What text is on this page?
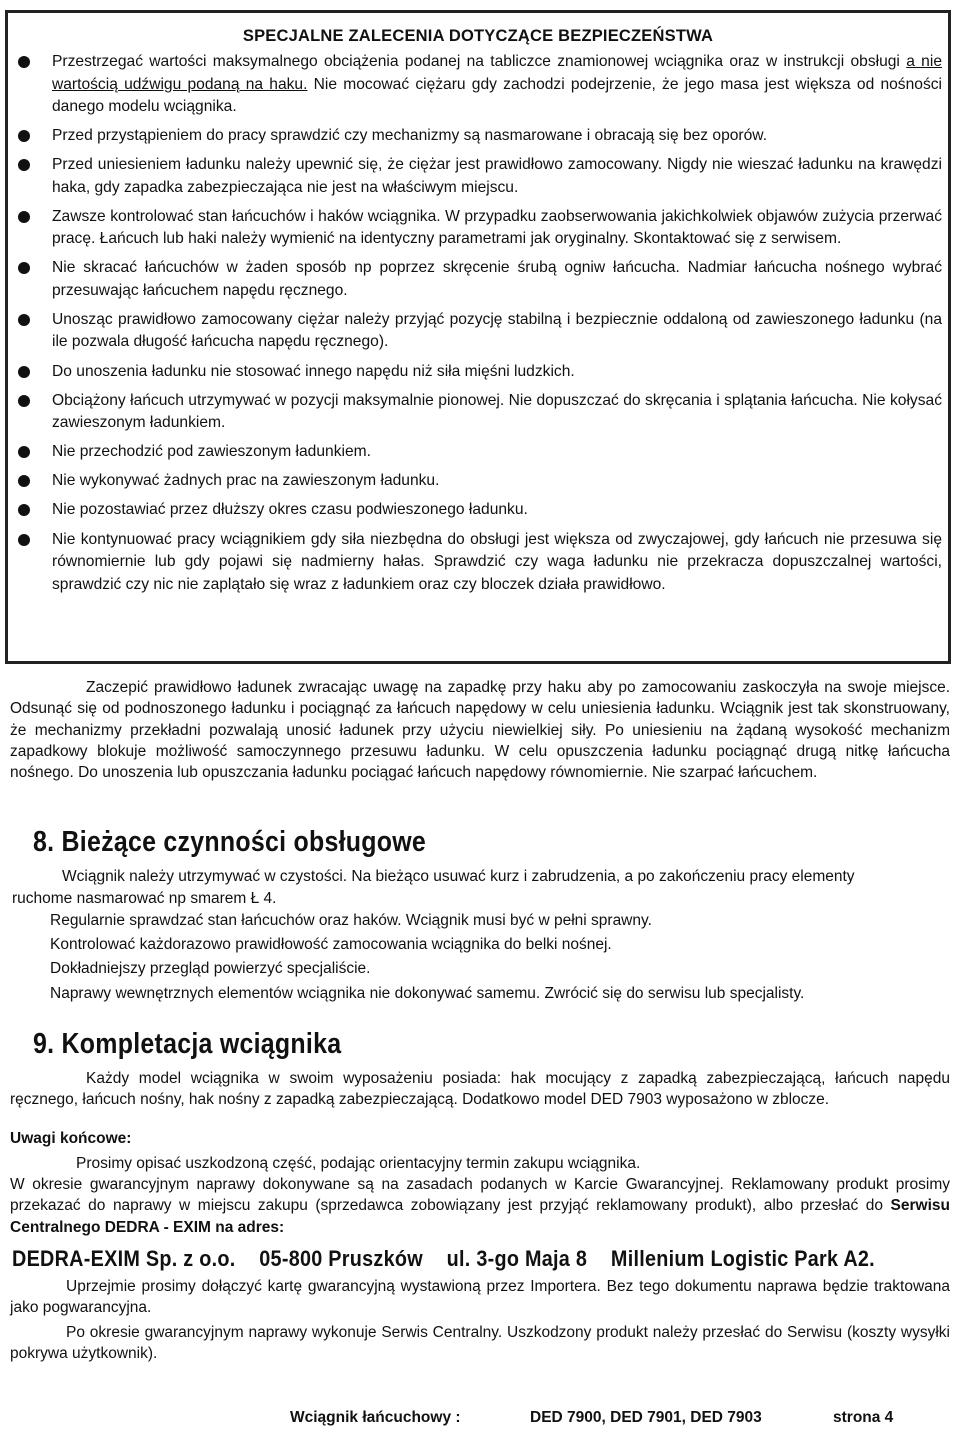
SPECJALNE ZALECENIA DOTYCZĄCE BEZPIECZEŃSTWA
Przestrzegać wartości maksymalnego obciążenia podanej na tabliczce znamionowej wciągnika oraz w instrukcji obsługi a nie wartością udźwigu podaną na haku. Nie mocować ciężaru gdy zachodzi podejrzenie, że jego masa jest większa od nośności danego modelu wciągnika.
Przed przystąpieniem do pracy sprawdzić czy mechanizmy są nasmarowane i obracają się bez oporów.
Przed uniesieniem ładunku należy upewnić się, że ciężar jest prawidłowo zamocowany. Nigdy nie wieszać ładunku na krawędzi haka, gdy zapadka zabezpieczająca nie jest na właściwym miejscu.
Zawsze kontrolować stan łańcuchów i haków wciągnika. W przypadku zaobserwowania jakichkolwiek objawów zużycia przerwać pracę. Łańcuch lub haki należy wymienić na identyczny parametrami jak oryginalny. Skontaktować się z serwisem.
Nie skracać łańcuchów w żaden sposób np poprzez skręcenie śrubą ogniw łańcucha. Nadmiar łańcucha nośnego wybrać przesuwając łańcuchem napędu ręcznego.
Unosząc prawidłowo zamocowany ciężar należy przyjąć pozycję stabilną i bezpiecznie oddaloną od zawieszonego ładunku (na ile pozwala długość łańcucha napędu ręcznego).
Do unoszenia ładunku nie stosować innego napędu niż siła mięśni ludzkich.
Obciążony łańcuch utrzymywać w pozycji maksymalnie pionowej. Nie dopuszczać do skręcania i splątania łańcucha. Nie kołysać zawieszonym ładunkiem.
Nie przechodzić pod zawieszonym ładunkiem.
Nie wykonywać żadnych prac na zawieszonym ładunku.
Nie pozostawiać przez dłuższy okres czasu podwieszonego ładunku.
Nie kontynuować pracy wciągnikiem gdy siła niezbędna do obsługi jest większa od zwyczajowej, gdy łańcuch nie przesuwa się równomiernie lub gdy pojawi się nadmierny hałas. Sprawdzić czy waga ładunku nie przekracza dopuszczalnej wartości, sprawdzić czy nic nie zaplątało się wraz z ładunkiem oraz czy bloczek działa prawidłowo.
Zaczepić prawidłowo ładunek zwracając uwagę na zapadkę przy haku aby po zamocowaniu zaskoczyła na swoje miejsce. Odsunąć się od podnoszonego ładunku i pociągnąć za łańcuch napędowy w celu uniesienia ładunku. Wciągnik jest tak skonstruowany, że mechanizmy przekładni pozwalają unosić ładunek przy użyciu niewielkiej siły. Po uniesieniu na żądaną wysokość mechanizm zapadkowy blokuje możliwość samoczynnego przesuwu ładunku. W celu opuszczenia ładunku pociągnąć drugą nitkę łańcucha nośnego. Do unoszenia lub opuszczania ładunku pociągać łańcuch napędowy równomiernie. Nie szarpać łańcuchem.
8. Bieżące czynności obsługowe
Wciągnik należy utrzymywać w czystości. Na bieżąco usuwać kurz i zabrudzenia, a po zakończeniu pracy elementy
ruchome nasmarować np smarem Ł 4.
Regularnie sprawdzać stan łańcuchów oraz haków. Wciągnik musi być w pełni sprawny.
Kontrolować każdorazowo prawidłowość zamocowania wciągnika do belki nośnej.
Dokładniejszy przegląd powierzyć specjaliście.
Naprawy wewnętrznych elementów wciągnika nie dokonywać samemu. Zwrócić się do serwisu lub specjalisty.
9. Kompletacja wciągnika
Każdy model wciągnika w swoim wyposażeniu posiada: hak mocujący z zapadką zabezpieczającą, łańcuch napędu ręcznego, łańcuch nośny, hak nośny z zapadką zabezpieczającą. Dodatkowo model DED 7903 wyposażono w zblocze.
Uwagi końcowe:
Prosimy opisać uszkodzoną część, podając orientacyjny termin zakupu wciągnika.
W okresie gwarancyjnym naprawy dokonywane są na zasadach podanych w Karcie Gwarancyjnej. Reklamowany produkt prosimy przekazać do naprawy w miejscu zakupu (sprzedawca zobowiązany jest przyjąć reklamowany produkt), albo przesłać do Serwisu Centralnego DEDRA - EXIM na adres:
DEDRA-EXIM Sp. z o.o. 05-800 Pruszków ul. 3-go Maja 8 Millenium Logistic Park A2.
Uprzejmie prosimy dołączyć kartę gwarancyjną wystawioną przez Importera. Bez tego dokumentu naprawa będzie traktowana jako pogwarancyjna.
Po okresie gwarancyjnym naprawy wykonuje Serwis Centralny. Uszkodzony produkt należy przesłać do Serwisu (koszty wysyłki pokrywa użytkownik).
Wciągnik łańcuchowy :	DED 7900, DED 7901, DED 7903	strona 4
